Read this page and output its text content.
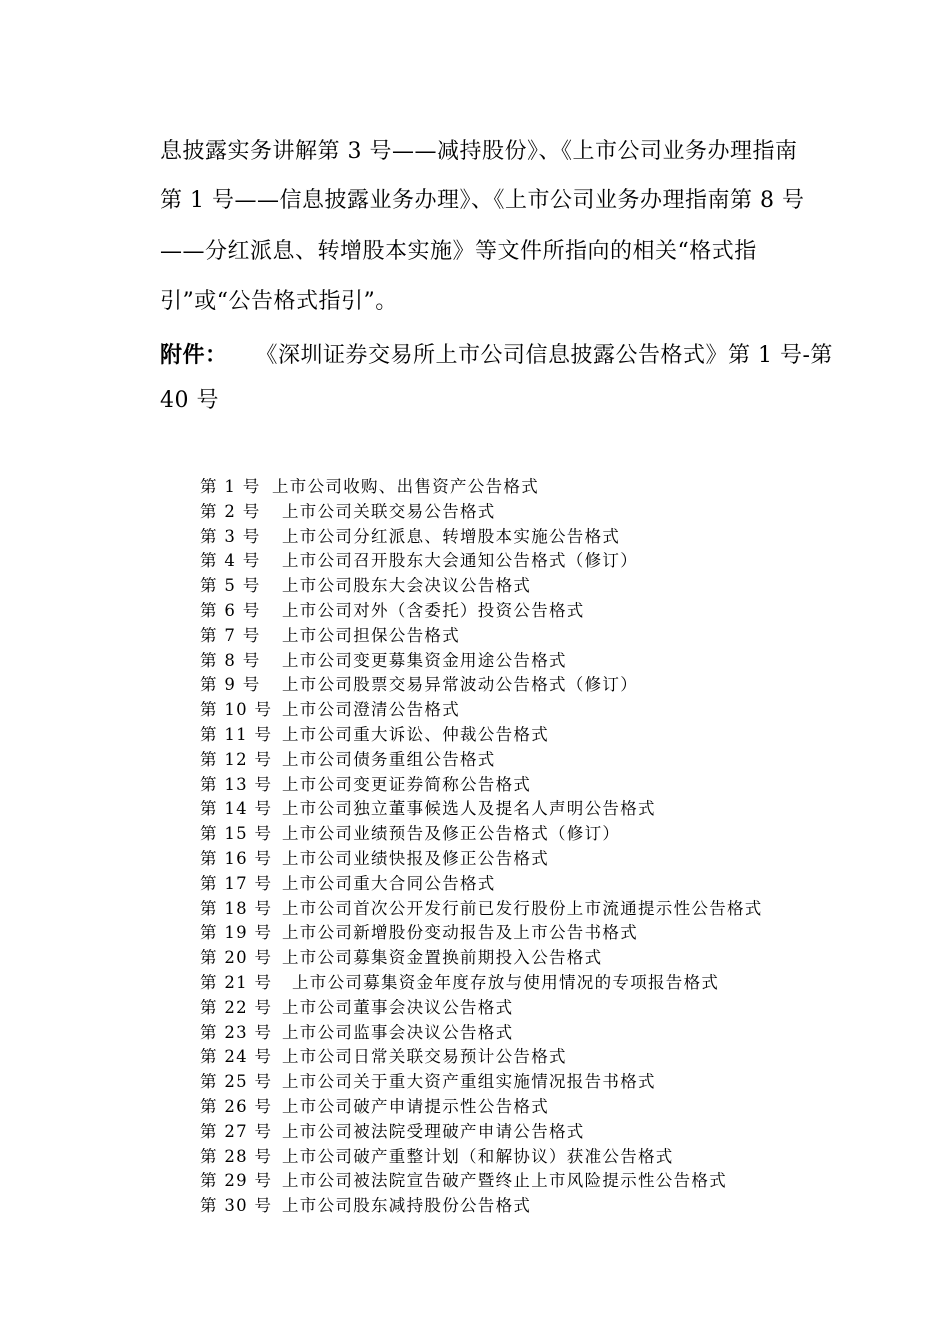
息披露实务讲解第 3 号——减持股份》、《上市公司业务办理指南
第 1 号——信息披露业务办理》、《上市公司业务办理指南第 8 号
——分红派息、转增股本实施》等文件所指向的相关“格式指
引”或“公告格式指引”。
附件： 《深圳证券交易所上市公司信息披露公告格式》第 1 号-第
40 号
第 1 号 上市公司收购、出售资产公告格式
第 2 号 上市公司关联交易公告格式
第 3 号 上市公司分红派息、转增股本实施公告格式
第 4 号 上市公司召开股东大会通知公告格式（修订）
第 5 号 上市公司股东大会决议公告格式
第 6 号 上市公司对外（含委托）投资公告格式
第 7 号 上市公司担保公告格式
第 8 号 上市公司变更募集资金用途公告格式
第 9 号 上市公司股票交易异常波动公告格式（修订）
第 10 号 上市公司澄清公告格式
第 11 号 上市公司重大诉讼、仲裁公告格式
第 12 号 上市公司债务重组公告格式
第 13 号 上市公司变更证券简称公告格式
第 14 号 上市公司独立董事候选人及提名人声明公告格式
第 15 号 上市公司业绩预告及修正公告格式（修订）
第 16 号 上市公司业绩快报及修正公告格式
第 17 号 上市公司重大合同公告格式
第 18 号 上市公司首次公开发行前已发行股份上市流通提示性公告格式
第 19 号 上市公司新增股份变动报告及上市公告书格式
第 20 号 上市公司募集资金置换前期投入公告格式
第 21 号 上市公司募集资金年度存放与使用情况的专项报告格式
第 22 号 上市公司董事会决议公告格式
第 23 号 上市公司监事会决议公告格式
第 24 号 上市公司日常关联交易预计公告格式
第 25 号 上市公司关于重大资产重组实施情况报告书格式
第 26 号 上市公司破产申请提示性公告格式
第 27 号 上市公司被法院受理破产申请公告格式
第 28 号 上市公司破产重整计划（和解协议）获准公告格式
第 29 号 上市公司被法院宣告破产暨终止上市风险提示性公告格式
第 30 号 上市公司股东减持股份公告格式
